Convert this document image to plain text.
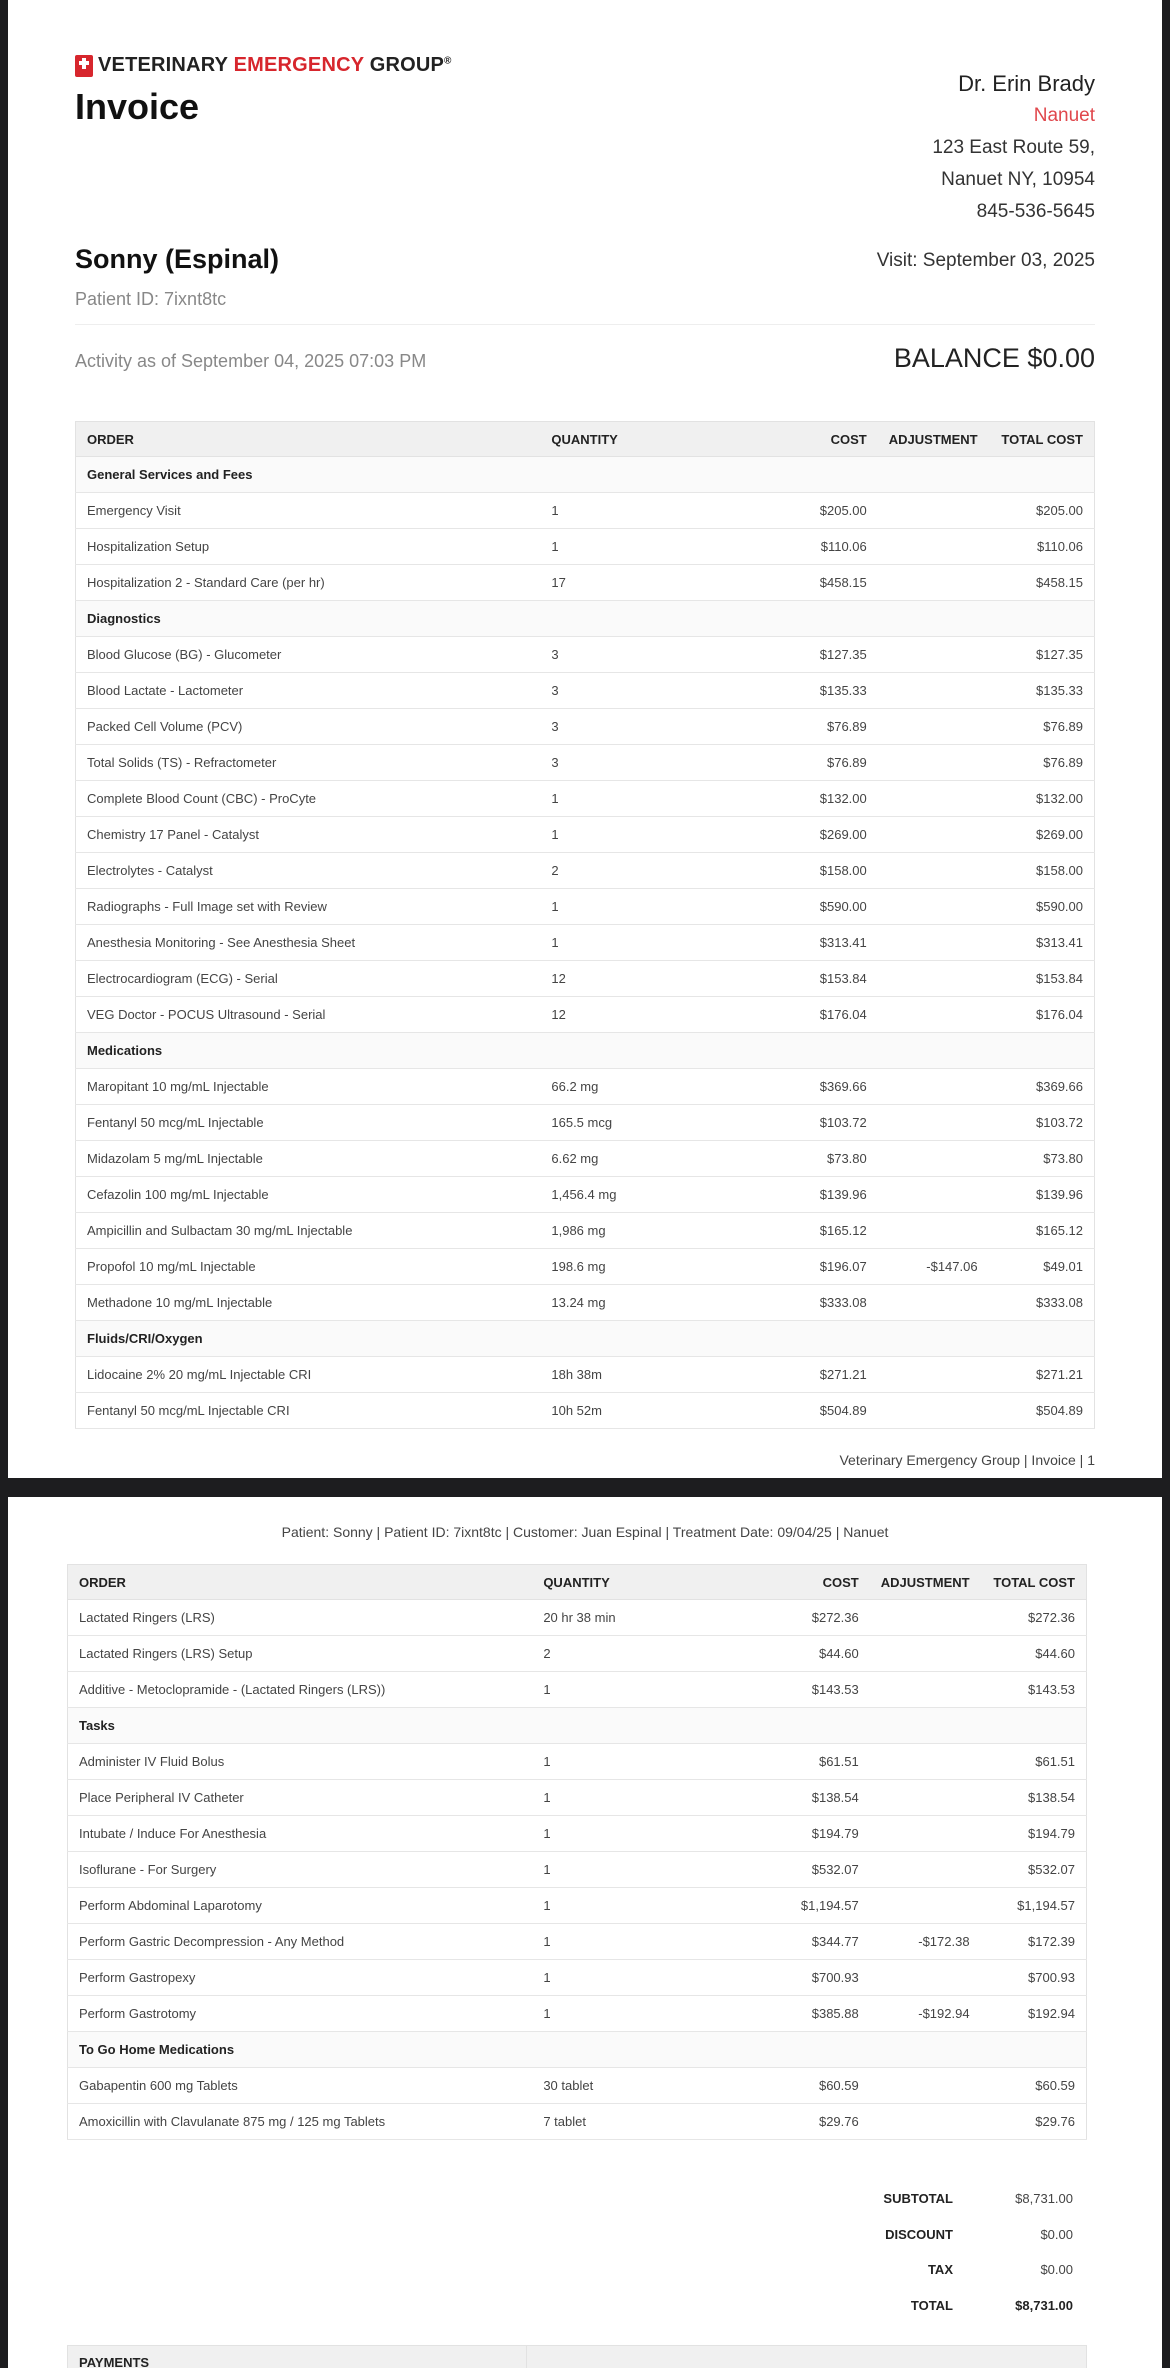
VETERINARY EMERGENCY GROUP®
Invoice
Dr. Erin Brady
Nanuet
123 East Route 59,
Nanuet NY, 10954
845-536-5645
Sonny (Espinal)
Patient ID: 7ixnt8tc
Visit: September 03, 2025
Activity as of September 04, 2025 07:03 PM	BALANCE $0.00
ORDER	QUANTITY	COST	ADJUSTMENT	TOTAL COST
General Services and Fees				
Emergency Visit	1	$205.00		$205.00
Hospitalization Setup	1	$110.06		$110.06
Hospitalization 2 - Standard Care (per hr)	17	$458.15		$458.15
Diagnostics				
Blood Glucose (BG) - Glucometer	3	$127.35		$127.35
Blood Lactate - Lactometer	3	$135.33		$135.33
Packed Cell Volume (PCV)	3	$76.89		$76.89
Total Solids (TS) - Refractometer	3	$76.89		$76.89
Complete Blood Count (CBC) - ProCyte	1	$132.00		$132.00
Chemistry 17 Panel - Catalyst	1	$269.00		$269.00
Electrolytes - Catalyst	2	$158.00		$158.00
Radiographs - Full Image set with Review	1	$590.00		$590.00
Anesthesia Monitoring - See Anesthesia Sheet	1	$313.41		$313.41
Electrocardiogram (ECG) - Serial	12	$153.84		$153.84
VEG Doctor - POCUS Ultrasound - Serial	12	$176.04		$176.04
Medications				
Maropitant 10 mg/mL Injectable	66.2 mg	$369.66		$369.66
Fentanyl 50 mcg/mL Injectable	165.5 mcg	$103.72		$103.72
Midazolam 5 mg/mL Injectable	6.62 mg	$73.80		$73.80
Cefazolin 100 mg/mL Injectable	1,456.4 mg	$139.96		$139.96
Ampicillin and Sulbactam 30 mg/mL Injectable	1,986 mg	$165.12		$165.12
Propofol 10 mg/mL Injectable	198.6 mg	$196.07	-$147.06	$49.01
Methadone 10 mg/mL Injectable	13.24 mg	$333.08		$333.08
Fluids/CRI/Oxygen				
Lidocaine 2% 20 mg/mL Injectable CRI	18h 38m	$271.21		$271.21
Fentanyl 50 mcg/mL Injectable CRI	10h 52m	$504.89		$504.89
Veterinary Emergency Group | Invoice | 1
Patient: Sonny | Patient ID: 7ixnt8tc | Customer: Juan Espinal | Treatment Date: 09/04/25 | Nanuet
ORDER	QUANTITY	COST	ADJUSTMENT	TOTAL COST
Lactated Ringers (LRS)	20 hr 38 min	$272.36		$272.36
Lactated Ringers (LRS) Setup	2	$44.60		$44.60
Additive - Metoclopramide - (Lactated Ringers (LRS))	1	$143.53		$143.53
Tasks				
Administer IV Fluid Bolus	1	$61.51		$61.51
Place Peripheral IV Catheter	1	$138.54		$138.54
Intubate / Induce For Anesthesia	1	$194.79		$194.79
Isoflurane - For Surgery	1	$532.07		$532.07
Perform Abdominal Laparotomy	1	$1,194.57		$1,194.57
Perform Gastric Decompression - Any Method	1	$344.77	-$172.38	$172.39
Perform Gastropexy	1	$700.93		$700.93
Perform Gastrotomy	1	$385.88	-$192.94	$192.94
To Go Home Medications				
Gabapentin 600 mg Tablets	30 tablet	$60.59		$60.59
Amoxicillin with Clavulanate 875 mg / 125 mg Tablets	7 tablet	$29.76		$29.76
SUBTOTAL	$8,731.00
DISCOUNT	$0.00
TAX	$0.00
TOTAL	$8,731.00
PAYMENTS
